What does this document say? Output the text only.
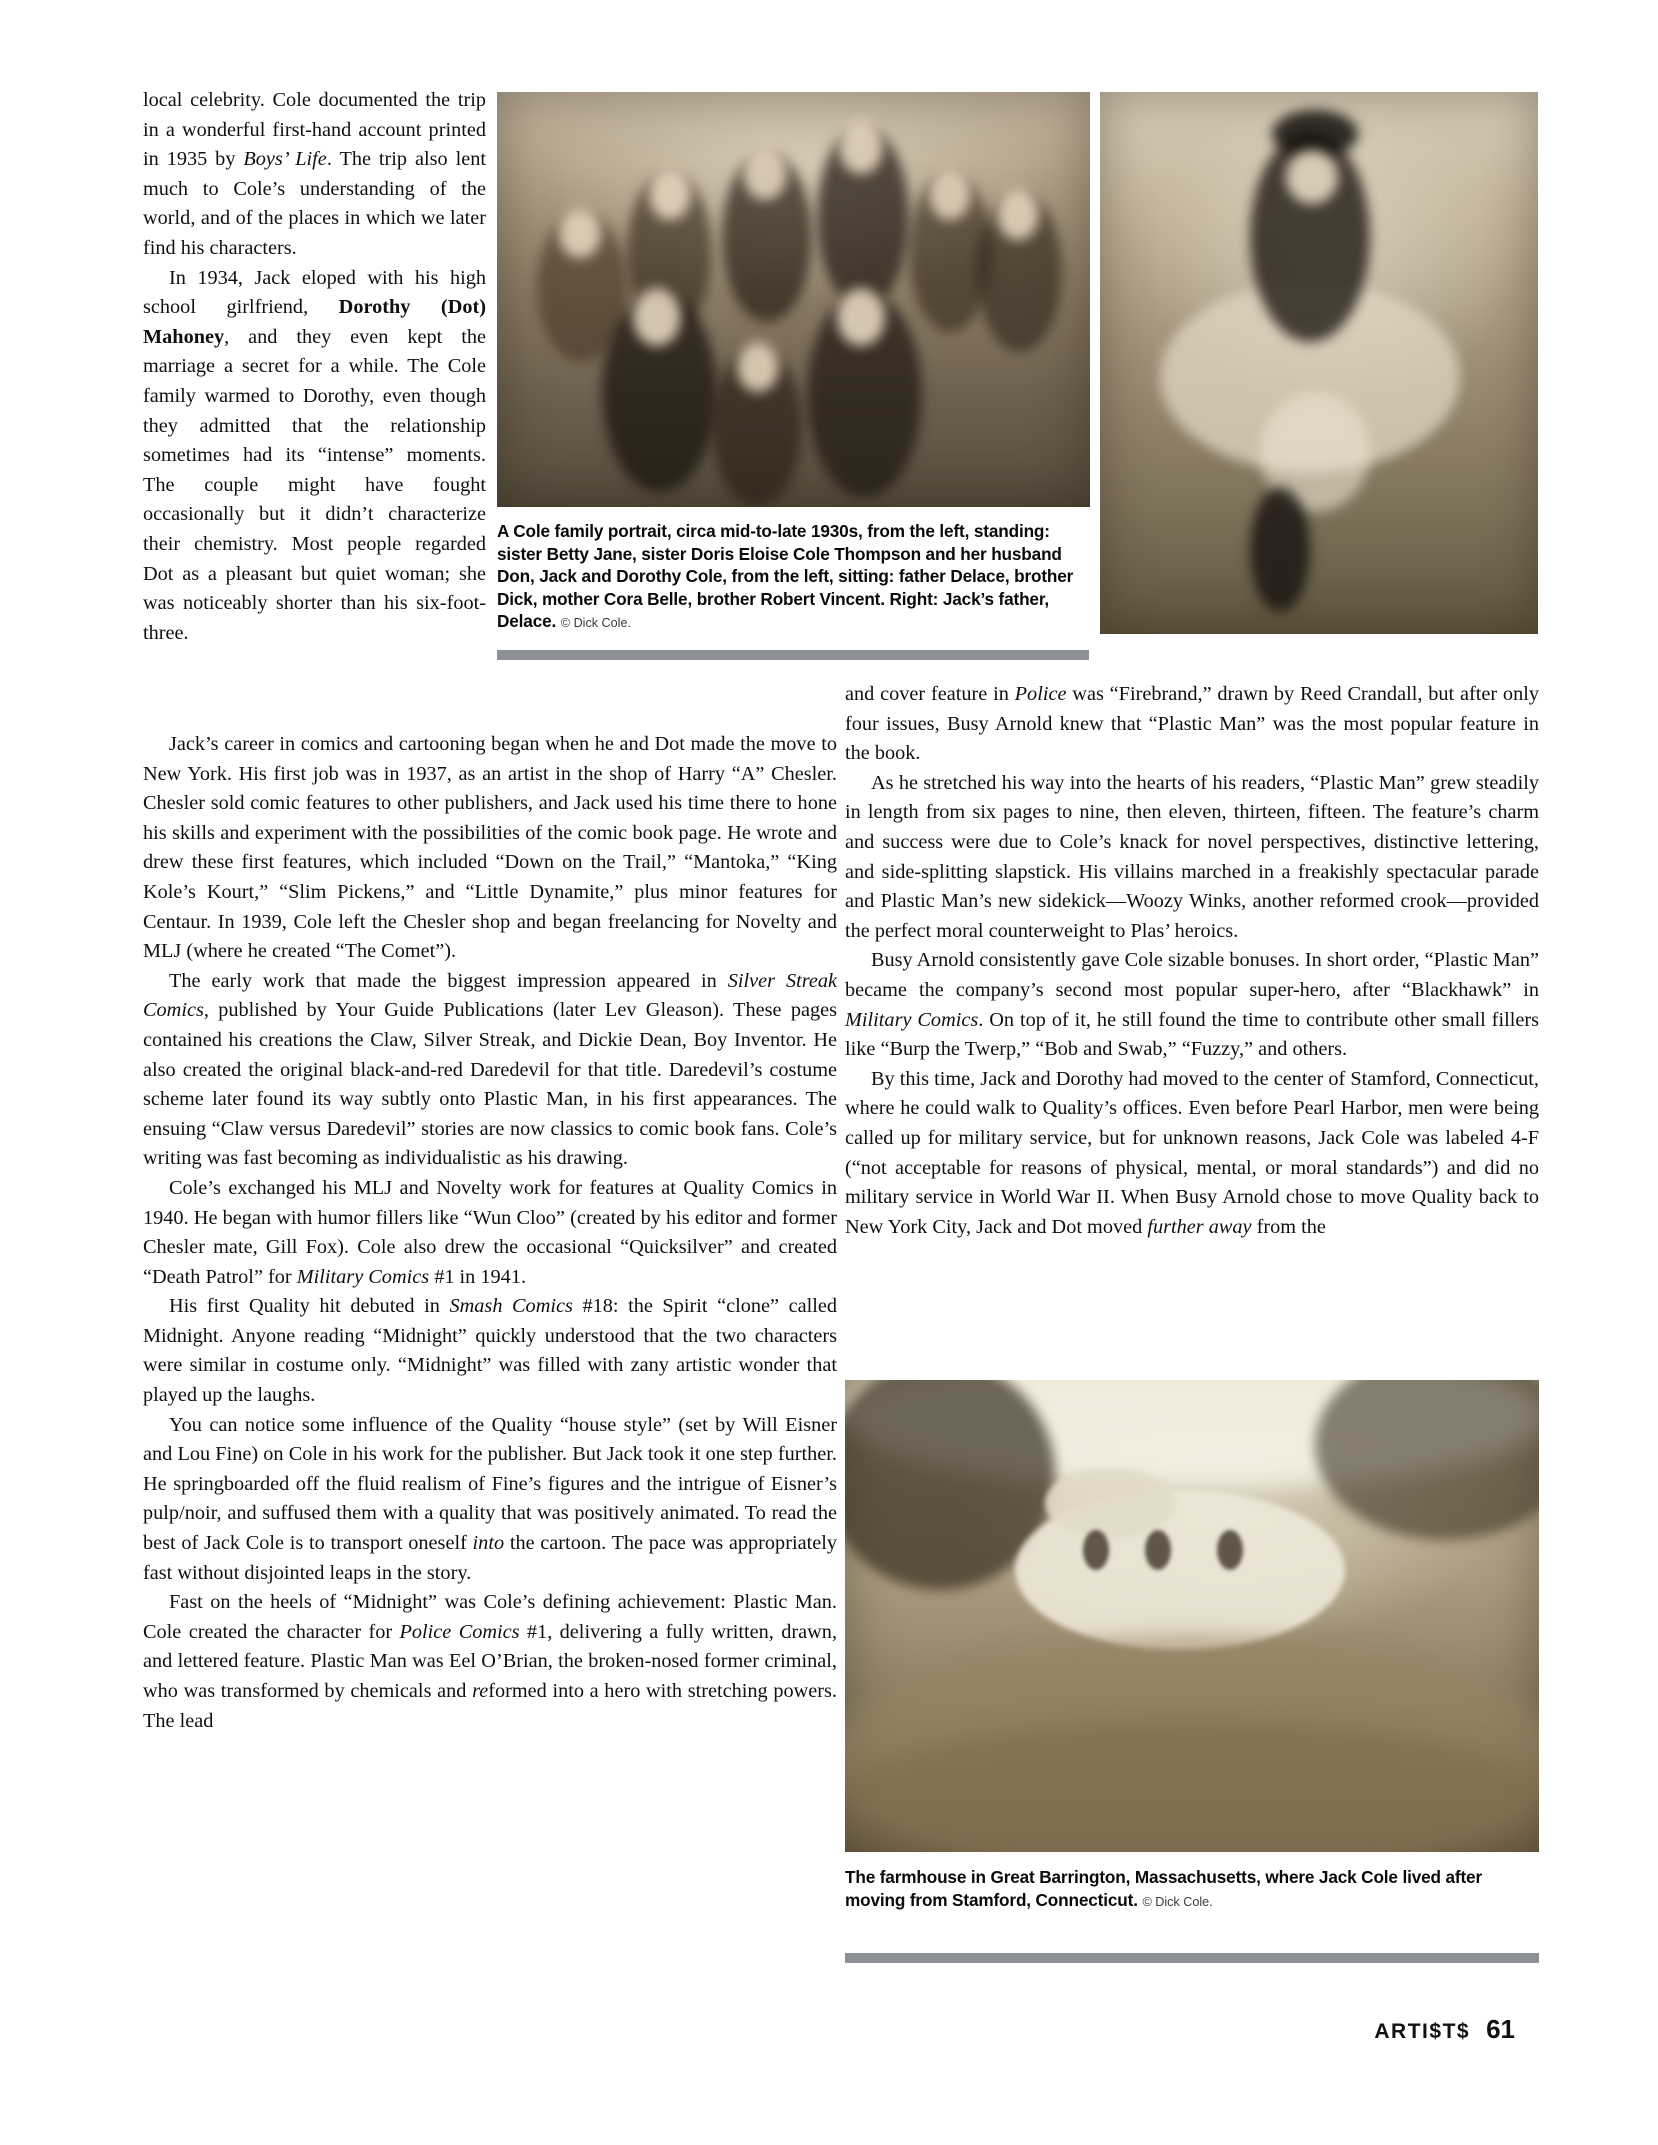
local celebrity. Cole documented the trip in a wonderful first-hand account printed in 1935 by Boys’ Life. The trip also lent much to Cole’s understanding of the world, and of the places in which we later find his characters.

In 1934, Jack eloped with his high school girlfriend, Dorothy (Dot) Mahoney, and they even kept the marriage a secret for a while. The Cole family warmed to Dorothy, even though they admitted that the relationship sometimes had its “intense” moments. The couple might have fought occasionally but it didn’t characterize their chemistry. Most people regarded Dot as a pleasant but quiet woman; she was noticeably shorter than his six-foot-three.

A Cole family portrait, circa mid-to-late 1930s, from the left, standing: sister Betty Jane, sister Doris Eloise Cole Thompson and her husband Don, Jack and Dorothy Cole, from the left, sitting: father Delace, brother Dick, mother Cora Belle, brother Robert Vincent. Right: Jack’s father, Delace. © Dick Cole.

and cover feature in Police was “Firebrand,” drawn by Reed Crandall, but after only four issues, Busy Arnold knew that “Plastic Man” was the most popular feature in the book.

As he stretched his way into the hearts of his readers, “Plastic Man” grew steadily in length from six pages to nine, then eleven, thirteen, fifteen. The feature’s charm and success were due to Cole’s knack for novel perspectives, distinctive lettering, and side-splitting slapstick. His villains marched in a freakishly spectacular parade and Plastic Man’s new sidekick—Woozy Winks, another reformed crook—provided the perfect moral counterweight to Plas’ heroics.

Busy Arnold consistently gave Cole sizable bonuses. In short order, “Plastic Man” became the company’s second most popular super-hero, after “Blackhawk” in Military Comics. On top of it, he still found the time to contribute other small fillers like “Burp the Twerp,” “Bob and Swab,” “Fuzzy,” and others.

By this time, Jack and Dorothy had moved to the center of Stamford, Connecticut, where he could walk to Quality’s offices. Even before Pearl Harbor, men were being called up for military service, but for unknown reasons, Jack Cole was labeled 4-F (“not acceptable for reasons of physical, mental, or moral standards”) and did no military service in World War II. When Busy Arnold chose to move Quality back to New York City, Jack and Dot moved further away from the

Jack’s career in comics and cartooning began when he and Dot made the move to New York. His first job was in 1937, as an artist in the shop of Harry “A” Chesler. Chesler sold comic features to other publishers, and Jack used his time there to hone his skills and experiment with the possibilities of the comic book page. He wrote and drew these first features, which included “Down on the Trail,” “Mantoka,” “King Kole’s Kourt,” “Slim Pickens,” and “Little Dynamite,” plus minor features for Centaur. In 1939, Cole left the Chesler shop and began freelancing for Novelty and MLJ (where he created “The Comet”).

The early work that made the biggest impression appeared in Silver Streak Comics, published by Your Guide Publications (later Lev Gleason). These pages contained his creations the Claw, Silver Streak, and Dickie Dean, Boy Inventor. He also created the original black-and-red Daredevil for that title. Daredevil’s costume scheme later found its way subtly onto Plastic Man, in his first appearances. The ensuing “Claw versus Daredevil” stories are now classics to comic book fans. Cole’s writing was fast becoming as individualistic as his drawing.

Cole’s exchanged his MLJ and Novelty work for features at Quality Comics in 1940. He began with humor fillers like “Wun Cloo” (created by his editor and former Chesler mate, Gill Fox). Cole also drew the occasional “Quicksilver” and created “Death Patrol” for Military Comics #1 in 1941.

His first Quality hit debuted in Smash Comics #18: the Spirit “clone” called Midnight. Anyone reading “Midnight” quickly understood that the two characters were similar in costume only. “Midnight” was filled with zany artistic wonder that played up the laughs.

You can notice some influence of the Quality “house style” (set by Will Eisner and Lou Fine) on Cole in his work for the publisher. But Jack took it one step further. He springboarded off the fluid realism of Fine’s figures and the intrigue of Eisner’s pulp/noir, and suffused them with a quality that was positively animated. To read the best of Jack Cole is to transport oneself into the cartoon. The pace was appropriately fast without disjointed leaps in the story.

Fast on the heels of “Midnight” was Cole’s defining achievement: Plastic Man. Cole created the character for Police Comics #1, delivering a fully written, drawn, and lettered feature. Plastic Man was Eel O’Brian, the broken-nosed former criminal, who was transformed by chemicals and reformed into a hero with stretching powers. The lead

The farmhouse in Great Barrington, Massachusetts, where Jack Cole lived after moving from Stamford, Connecticut. © Dick Cole.
ARTI$T$ 61
